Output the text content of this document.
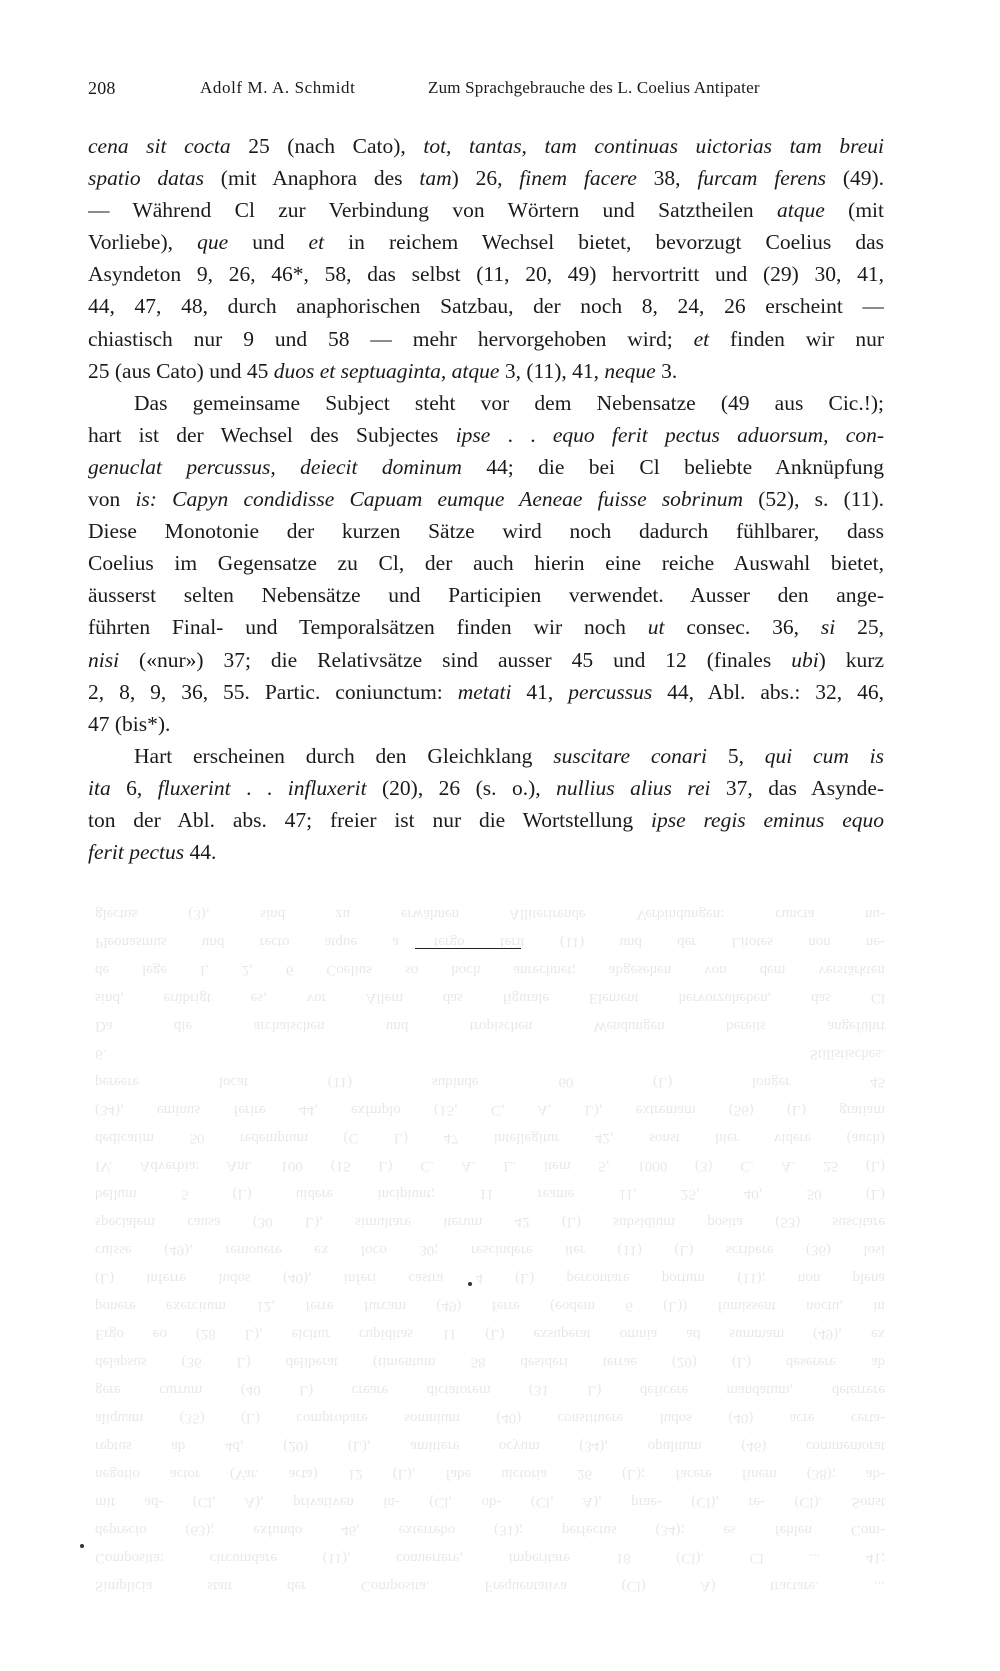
Simplicia statt der Composita. Frequentativa (Cl) A) tractare. ...
Composita: circumdare (11), conuertere, imperitare 18 (Cl). Cl ... 41;
deprecio (63); exfundo 46, exterrebo (31); perfectus (34); es fehlen Com-
mit ad- (Cl, A), privativen in- (Cl, ob- (Cl, A), prae- (Cl), re- (Cl). Sonst
negotio actor (Var. acta) 12 (L), fabe uictoria 26 (L); facere finem (38); ab-
reptus ab 4d, (20) (L), amittere ocyum (34), opulitum (46) commemorat
aliquam (35) (L) comprobare somnium (40) constituere ludos (40) acre certa-
gere currum (40 L) creare dictatorem (31 L) deficere mandatum, deterrere
delapsus (36 L) deliberat (timentum 58 desideri terrae (20) (L) deserere ab
Ergo eo (28 L), eicitur cupiditas 11 (L) exsuperat omnia ad summam (49), ex
ponere exercitum 12, ferre furcam (49) ferre (eodem 6 (L)) fumissent noctu, in
(L) inferre ludos (40), inferi castra 4 (L) percontare portum (11); non plena
cuisse (49), remouere ex loco 30; rescindere iter (11) (L) scribere (36) losi
specialem causa (30 L), simultare iterum 42 (L) subsidium posita (53) suscitare
bellum 5 (L) uidere incipiunt; 11 reame 11, 25, 40, 50 (L)
IV. Adverbia: Ant. 100 (15 L) C. A. L. item 5, 1000 (3) C. A. 25 (L)
dedicatim 50 redemptum (C L) 47 intellegitur 42, sonst hier videre (auch)
(34), eminus ferire 44, exfmplo (15, C, A, L), extremam (56) (L) gratiam
pereere locat (11) subinde 60 (L) longer 45
6. Stilistisches.
Da die archaischen und tropischen Wendungen bereits angeführt
sind, erübrigt es, vor Allem das figurale Element hervorzuheben, das Cl
de lege I, 2, 6 Coelius so hoch anrechnet; abgesehen von dem verstärkten
Pleonasmus und recto atque a tergo ferit (11) und der Litotes non ne-
glectus (3), sind zu erwähnen Alliterirende Verbindungen: cuncta nu-
208	Adolf M. A. Schmidt	Zum Sprachgebrauche des L. Coelius Antipater
cena sit cocta 25 (nach Cato), tot, tantas, tam continuas uictorias tam breui
spatio datas (mit Anaphora des tam) 26, finem facere 38, furcam ferens (49).
— Während Cl zur Verbindung von Wörtern und Satztheilen atque (mit
Vorliebe), que und et in reichem Wechsel bietet, bevorzugt Coelius das
Asyndeton 9, 26, 46*, 58, das selbst (11, 20, 49) hervortritt und (29) 30, 41,
44, 47, 48, durch anaphorischen Satzbau, der noch 8, 24, 26 erscheint —
chiastisch nur 9 und 58 — mehr hervorgehoben wird; et finden wir nur
25 (aus Cato) und 45 duos et septuaginta, atque 3, (11), 41, neque 3.
Das gemeinsame Subject steht vor dem Nebensatze (49 aus Cic.!);
hart ist der Wechsel des Subjectes ipse . . equo ferit pectus aduorsum, con-
genuclat percussus, deiecit dominum 44; die bei Cl beliebte Anknüpfung
von is: Capyn condidisse Capuam eumque Aeneae fuisse sobrinum (52), s. (11).
Diese Monotonie der kurzen Sätze wird noch dadurch fühlbarer, dass
Coelius im Gegensatze zu Cl, der auch hierin eine reiche Auswahl bietet,
äusserst selten Nebensätze und Participien verwendet. Ausser den ange-
führten Final- und Temporalsätzen finden wir noch ut consec. 36, si 25,
nisi («nur») 37; die Relativsätze sind ausser 45 und 12 (finales ubi) kurz
2, 8, 9, 36, 55. Partic. coniunctum: metati 41, percussus 44, Abl. abs.: 32, 46,
47 (bis*).
Hart erscheinen durch den Gleichklang suscitare conari 5, qui cum is
ita 6, fluxerint . . influxerit (20), 26 (s. o.), nullius alius rei 37, das Asynde-
ton der Abl. abs. 47; freier ist nur die Wortstellung ipse regis eminus equo
ferit pectus 44.
